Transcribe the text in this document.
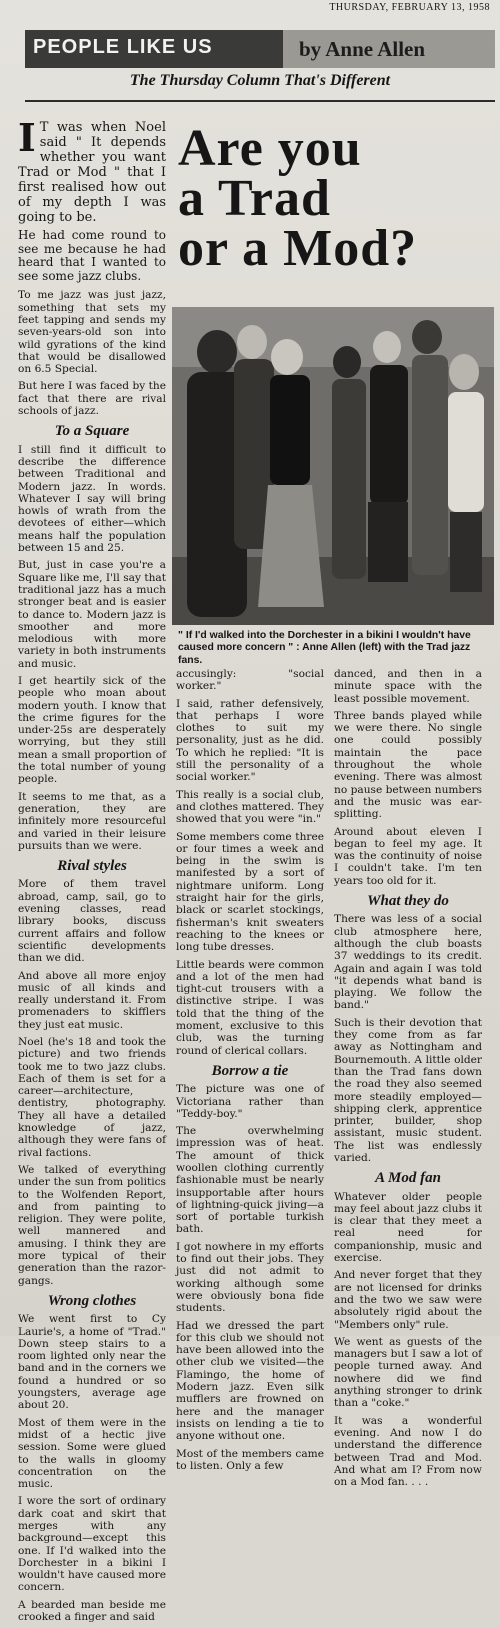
THURSDAY, FEBRUARY 13, 1958
PEOPLE LIKE US	by Anne Allen
The Thursday Column That's Different
Are you
a Trad
or a Mod?

I T was when Noel said " It depends whether you want Trad or Mod " that I first realised how out of my depth I was going to be.

He had come round to see me because he had heard that I wanted to see some jazz clubs.

To me jazz was just jazz, something that sets my feet tapping and sends my seven-years-old son into wild gyrations of the kind that would be disallowed on 6.5 Special.

But here I was faced by the fact that there are rival schools of jazz.

To a Square

I still find it difficult to describe the difference between Traditional and Modern jazz. In words. Whatever I say will bring howls of wrath from the devotees of either—which means half the population between 15 and 25.

But, just in case you're a Square like me, I'll say that traditional jazz has a much stronger beat and is easier to dance to. Modern jazz is smoother and more melodious with more variety in both instruments and music.

I get heartily sick of the people who moan about modern youth. I know that the crime figures for the under-25s are desperately worrying, but they still mean a small proportion of the total number of young people.

It seems to me that, as a generation, they are infinitely more resourceful and varied in their leisure pursuits than we were.

Rival styles

More of them travel abroad, camp, sail, go to evening classes, read library books, discuss current affairs and follow scientific developments than we did.

And above all more enjoy music of all kinds and really understand it. From promenaders to skifflers they just eat music.

Noel (he's 18 and took the picture) and two friends took me to two jazz clubs. Each of them is set for a career—architecture, dentistry, photography. They all have a detailed knowledge of jazz, although they were fans of rival factions.

We talked of everything under the sun from politics to the Wolfenden Report, and from painting to religion. They were polite, well mannered and amusing. I think they are more typical of their generation than the razor-gangs.

Wrong clothes

We went first to Cy Laurie's, a home of "Trad." Down steep stairs to a room lighted only near the band and in the corners we found a hundred or so youngsters, average age about 20.

Most of them were in the midst of a hectic jive session. Some were glued to the walls in gloomy concentration on the music.

I wore the sort of ordinary dark coat and skirt that merges with any background—except this one. If I'd walked into the Dorchester in a bikini I wouldn't have caused more concern.

A bearded man beside me crooked a finger and said

" If I'd walked into the Dorchester in a bikini I wouldn't have caused more concern " : Anne Allen (left) with the Trad jazz fans.

accusingly: "social worker."

I said, rather defensively, that perhaps I wore clothes to suit my personality, just as he did. To which he replied: "It is still the personality of a social worker."

This really is a social club, and clothes mattered. They showed that you were "in."

Some members come three or four times a week and being in the swim is manifested by a sort of nightmare uniform. Long straight hair for the girls, black or scarlet stockings, fisherman's knit sweaters reaching to the knees or long tube dresses.

Little beards were common and a lot of the men had tight-cut trousers with a distinctive stripe. I was told that the thing of the moment, exclusive to this club, was the turning round of clerical collars.

Borrow a tie

The picture was one of Victoriana rather than "Teddy-boy."

The overwhelming impression was of heat. The amount of thick woollen clothing currently fashionable must be nearly insupportable after hours of lightning-quick jiving—a sort of portable turkish bath.

I got nowhere in my efforts to find out their jobs. They just did not admit to working although some were obviously bona fide students.

Had we dressed the part for this club we should not have been allowed into the other club we visited—the Flamingo, the home of Modern jazz. Even silk mufflers are frowned on here and the manager insists on lending a tie to anyone without one.

Most of the members came to listen. Only a few

danced, and then in a minute space with the least possible movement.

Three bands played while we were there. No single one could possibly maintain the pace throughout the whole evening. There was almost no pause between numbers and the music was ear-splitting.

Around about eleven I began to feel my age. It was the continuity of noise I couldn't take. I'm ten years too old for it.

What they do

There was less of a social club atmosphere here, although the club boasts 37 weddings to its credit. Again and again I was told "it depends what band is playing. We follow the band."

Such is their devotion that they come from as far away as Nottingham and Bournemouth. A little older than the Trad fans down the road they also seemed more steadily employed—shipping clerk, apprentice printer, builder, shop assistant, music student. The list was endlessly varied.

A Mod fan

Whatever older people may feel about jazz clubs it is clear that they meet a real need for companionship, music and exercise.

And never forget that they are not licensed for drinks and the two we saw were absolutely rigid about the "Members only" rule.

We went as guests of the managers but I saw a lot of people turned away. And nowhere did we find anything stronger to drink than a "coke."

It was a wonderful evening. And now I do understand the difference between Trad and Mod. And what am I? From now on a Mod fan. . . .
